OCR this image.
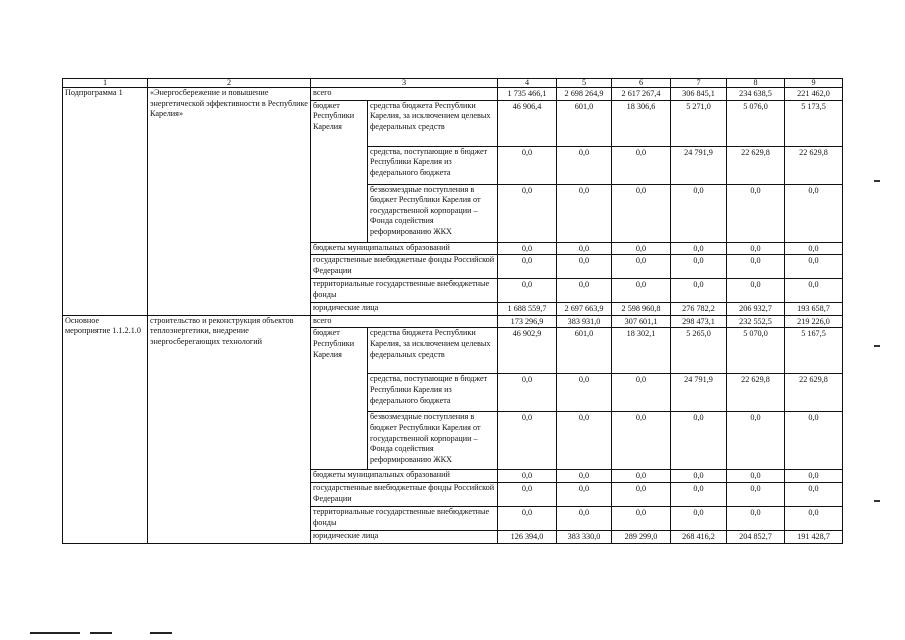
1	2	3		4	5	6	7	8	9
Подпрограмма 1	«Энергосбережение и повышение энергетической эффективности в Республике Карелия»	всего		1 735 466,1	2 698 264,9	2 617 267,4	306 845,1	234 638,5	221 462,0
		бюджет Республики Карелия	средства бюджета Республики Карелия, за исключением целевых федеральных средств	46 906,4	601,0	18 306,6	5 271,0	5 076,0	5 173,5
			средства, поступающие в бюджет Республики Карелия из федерального бюджета	0,0	0,0	0,0	24 791,9	22 629,8	22 629,8
			безвозмездные поступления в бюджет Республики Карелия от государственной корпорации – Фонда содействия реформированию ЖКХ	0,0	0,0	0,0	0,0	0,0	0,0
		бюджеты муниципальных образований		0,0	0,0	0,0	0,0	0,0	0,0
		государственные внебюджетные фонды Российской Федерации		0,0	0,0	0,0	0,0	0,0	0,0
		территориальные государственные внебюджетные фонды		0,0	0,0	0,0	0,0	0,0	0,0
		юридические лица		1 688 559,7	2 697 663,9	2 598 960,8	276 782,2	206 932,7	193 658,7
Основное мероприятие 1.1.2.1.0	строительство и реконструкция объектов теплоэнергетики, внедрение энергосберегающих технологий	всего		173 296,9	383 931,0	307 601,1	298 473,1	232 552,5	219 226,0
		бюджет Республики Карелия	средства бюджета Республики Карелия, за исключением целевых федеральных средств	46 902,9	601,0	18 302,1	5 265,0	5 070,0	5 167,5
			средства, поступающие в бюджет Республики Карелия из федерального бюджета	0,0	0,0	0,0	24 791,9	22 629,8	22 629,8
			безвозмездные поступления в бюджет Республики Карелия от государственной корпорации – Фонда содействия реформированию ЖКХ	0,0	0,0	0,0	0,0	0,0	0,0
		бюджеты муниципальных образований		0,0	0,0	0,0	0,0	0,0	0,0
		государственные внебюджетные фонды Российской Федерации		0,0	0,0	0,0	0,0	0,0	0,0
		территориальные государственные внебюджетные фонды		0,0	0,0	0,0	0,0	0,0	0,0
		юридические лица		126 394,0	383 330,0	289 299,0	268 416,2	204 852,7	191 428,7
